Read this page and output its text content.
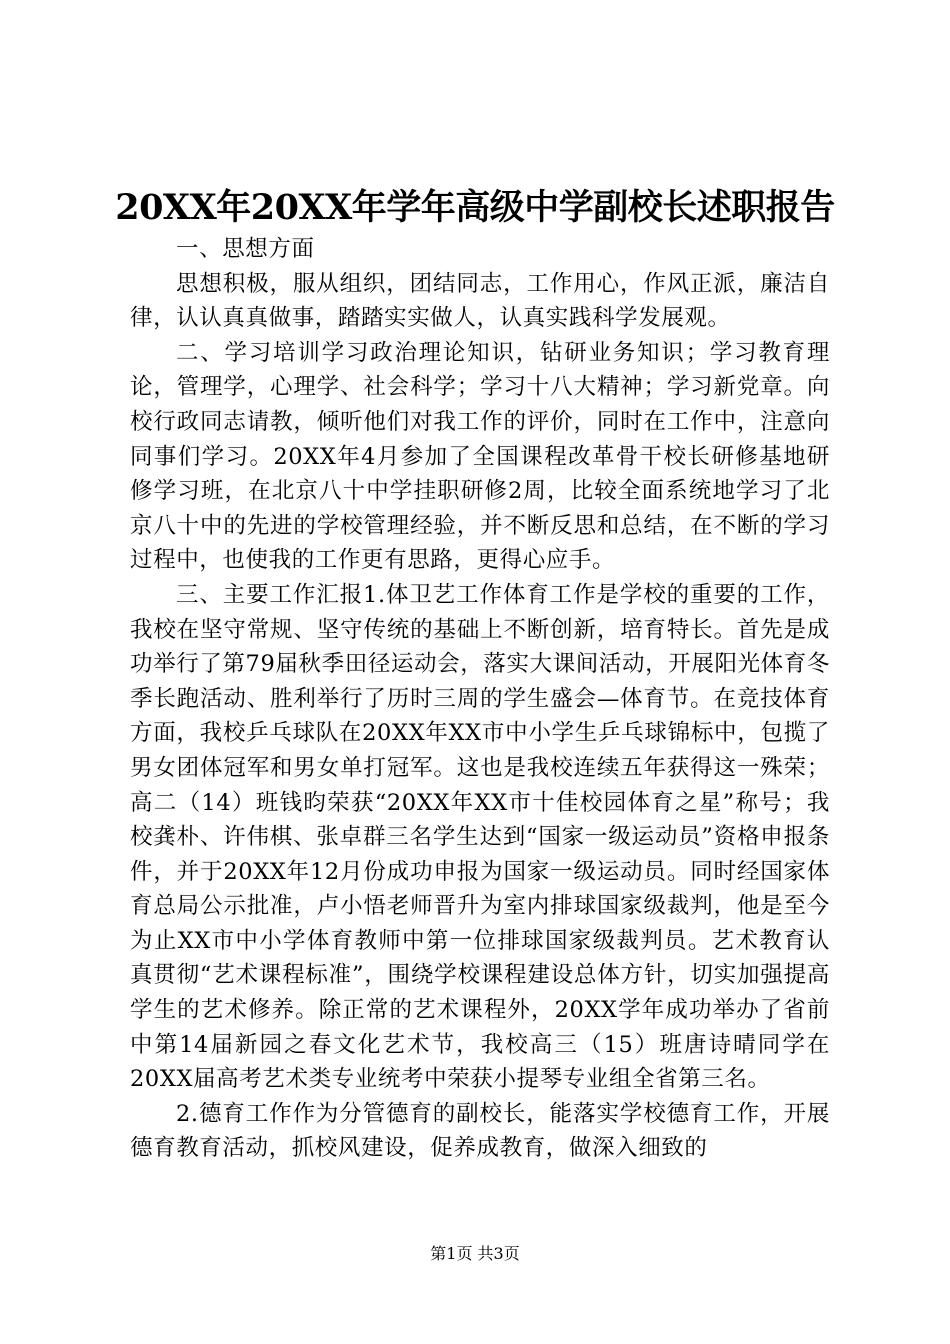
20XX年20XX年学年高级中学副校长述职报告

一、思想方面

思想积极，服从组织，团结同志，工作用心，作风正派，廉洁自律，认认真真做事，踏踏实实做人，认真实践科学发展观。

二、学习培训学习政治理论知识，钻研业务知识；学习教育理论，管理学，心理学、社会科学；学习十八大精神；学习新党章。向校行政同志请教，倾听他们对我工作的评价，同时在工作中，注意向同事们学习。20XX年4月参加了全国课程改革骨干校长研修基地研修学习班，在北京八十中学挂职研修2周，比较全面系统地学习了北京八十中的先进的学校管理经验，并不断反思和总结，在不断的学习过程中，也使我的工作更有思路，更得心应手。

三、主要工作汇报1.体卫艺工作体育工作是学校的重要的工作，我校在坚守常规、坚守传统的基础上不断创新，培育特长。首先是成功举行了第79届秋季田径运动会，落实大课间活动，开展阳光体育冬季长跑活动、胜利举行了历时三周的学生盛会—体育节。在竞技体育方面，我校乒乓球队在20XX年XX市中小学生乒乓球锦标中，包揽了男女团体冠军和男女单打冠军。这也是我校连续五年获得这一殊荣；高二（14）班钱昀荣获“20XX年XX市十佳校园体育之星”称号；我校龚朴、许伟棋、张卓群三名学生达到“国家一级运动员”资格申报条件，并于20XX年12月份成功申报为国家一级运动员。同时经国家体育总局公示批准，卢小悟老师晋升为室内排球国家级裁判，他是至今为止XX市中小学体育教师中第一位排球国家级裁判员。艺术教育认真贯彻“艺术课程标准”，围绕学校课程建设总体方针，切实加强提高学生的艺术修养。除正常的艺术课程外，20XX学年成功举办了省前中第14届新园之春文化艺术节，我校高三（15）班唐诗晴同学在20XX届高考艺术类专业统考中荣获小提琴专业组全省第三名。

2.德育工作作为分管德育的副校长，能落实学校德育工作，开展德育教育活动，抓校风建设，促养成教育，做深入细致的

第1页 共3页
